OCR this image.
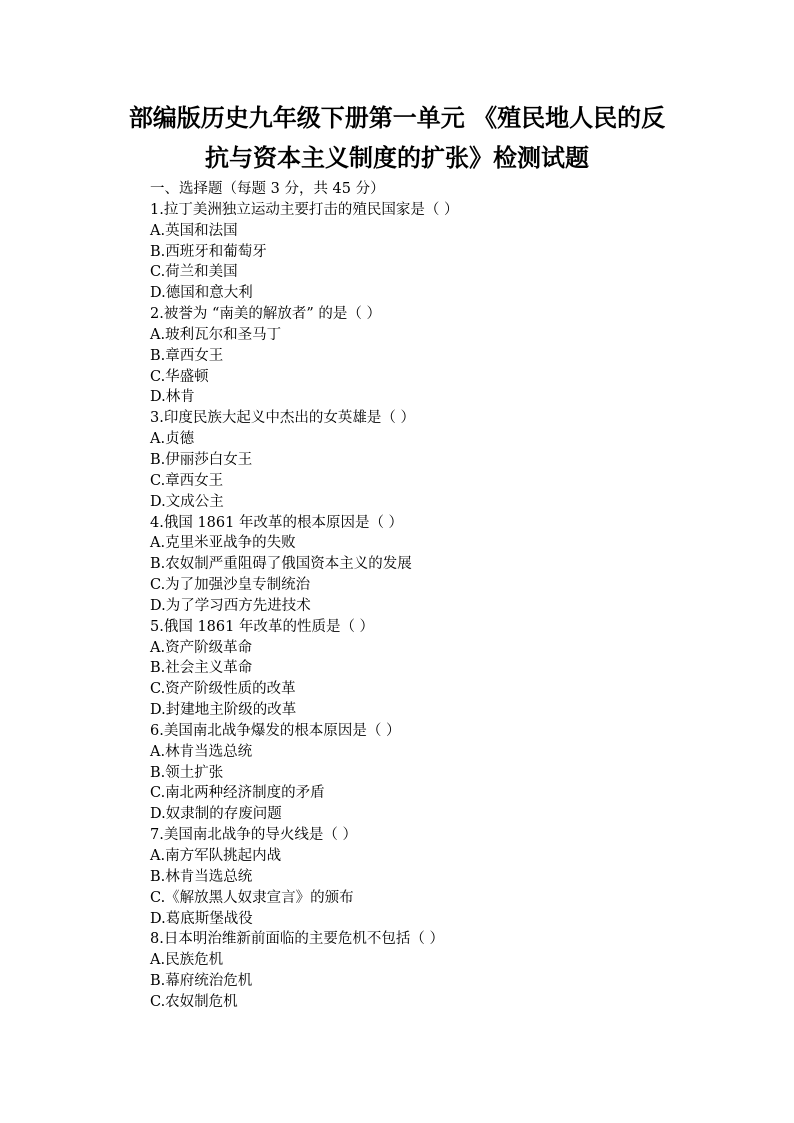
部编版历史九年级下册第一单元 《殖民地人民的反
抗与资本主义制度的扩张》检测试题
一、选择题（每题 3 分，共 45 分）
1.拉丁美洲独立运动主要打击的殖民国家是（ ）
A.英国和法国
B.西班牙和葡萄牙
C.荷兰和美国
D.德国和意大利
2.被誉为 “南美的解放者” 的是（ ）
A.玻利瓦尔和圣马丁
B.章西女王
C.华盛顿
D.林肯
3.印度民族大起义中杰出的女英雄是（ ）
A.贞德
B.伊丽莎白女王
C.章西女王
D.文成公主
4.俄国 1861 年改革的根本原因是（ ）
A.克里米亚战争的失败
B.农奴制严重阻碍了俄国资本主义的发展
C.为了加强沙皇专制统治
D.为了学习西方先进技术
5.俄国 1861 年改革的性质是（ ）
A.资产阶级革命
B.社会主义革命
C.资产阶级性质的改革
D.封建地主阶级的改革
6.美国南北战争爆发的根本原因是（ ）
A.林肯当选总统
B.领土扩张
C.南北两种经济制度的矛盾
D.奴隶制的存废问题
7.美国南北战争的导火线是（ ）
A.南方军队挑起内战
B.林肯当选总统
C.《解放黑人奴隶宣言》的颁布
D.葛底斯堡战役
8.日本明治维新前面临的主要危机不包括（ ）
A.民族危机
B.幕府统治危机
C.农奴制危机
